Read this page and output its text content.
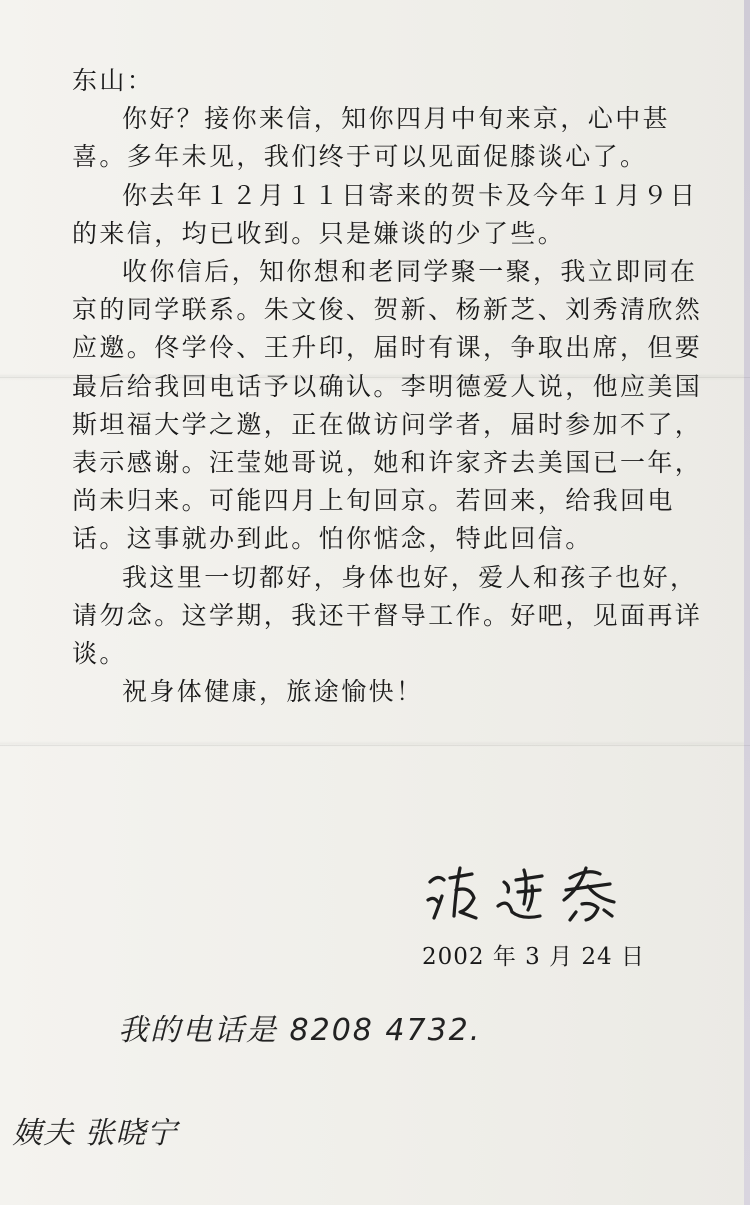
东山：

你好？接你来信，知你四月中旬来京，心中甚喜。多年未见，我们终于可以见面促膝谈心了。

你去年１２月１１日寄来的贺卡及今年１月９日的来信，均已收到。只是嫌谈的少了些。

收你信后，知你想和老同学聚一聚，我立即同在京的同学联系。朱文俊、贺新、杨新芝、刘秀清欣然应邀。佟学伶、王升印，届时有课，争取出席，但要最后给我回电话予以确认。李明德爱人说，他应美国斯坦福大学之邀，正在做访问学者，届时参加不了，表示感谢。汪莹她哥说，她和许家齐去美国已一年，尚未归来。可能四月上旬回京。若回来，给我回电话。这事就办到此。怕你惦念，特此回信。

我这里一切都好，身体也好，爱人和孩子也好，请勿念。这学期，我还干督导工作。好吧，见面再详谈。

祝身体健康，旅途愉快！

2002 年 3 月 24 日
我的电话是 8208 4732.
姨夫 张晓宁
